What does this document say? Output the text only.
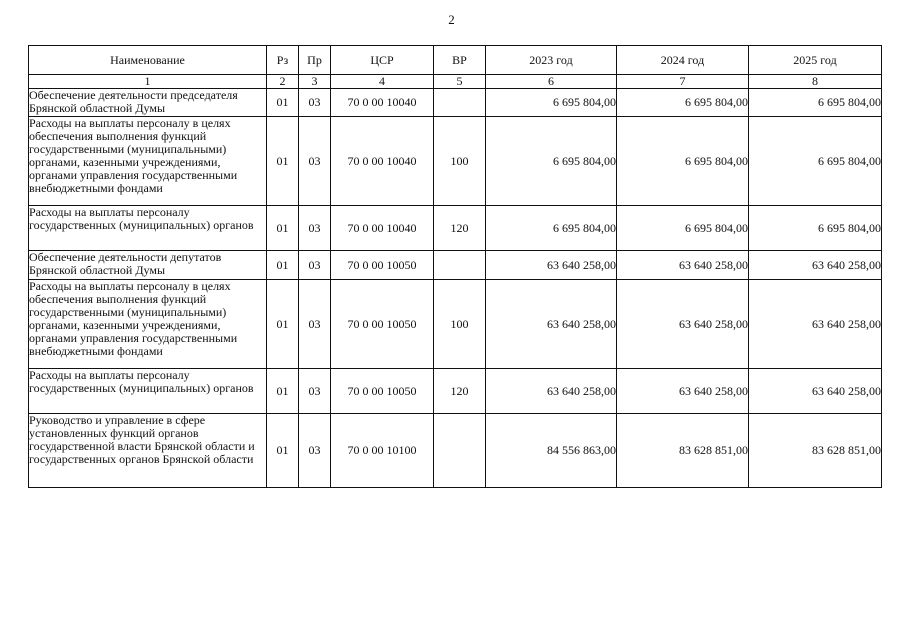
2
Наименование	Рз	Пр	ЦСР	ВР	2023 год	2024 год	2025 год
1	2	3	4	5	6	7	8
Обеспечение деятельности председателя Брянской областной Думы	01	03	70 0 00 10040		6 695 804,00	6 695 804,00	6 695 804,00
Расходы на выплаты персоналу в целях обеспечения выполнения функций государственными (муниципальными) органами, казенными учреждениями, органами управления государственными внебюджетными фондами	01	03	70 0 00 10040	100	6 695 804,00	6 695 804,00	6 695 804,00
Расходы на выплаты персоналу государственных (муниципальных) органов	01	03	70 0 00 10040	120	6 695 804,00	6 695 804,00	6 695 804,00
Обеспечение деятельности депутатов Брянской областной Думы	01	03	70 0 00 10050		63 640 258,00	63 640 258,00	63 640 258,00
Расходы на выплаты персоналу в целях обеспечения выполнения функций государственными (муниципальными) органами, казенными учреждениями, органами управления государственными внебюджетными фондами	01	03	70 0 00 10050	100	63 640 258,00	63 640 258,00	63 640 258,00
Расходы на выплаты персоналу государственных (муниципальных) органов	01	03	70 0 00 10050	120	63 640 258,00	63 640 258,00	63 640 258,00
Руководство и управление в сфере установленных функций органов государственной власти Брянской области и государственных органов Брянской области	01	03	70 0 00 10100		84 556 863,00	83 628 851,00	83 628 851,00
